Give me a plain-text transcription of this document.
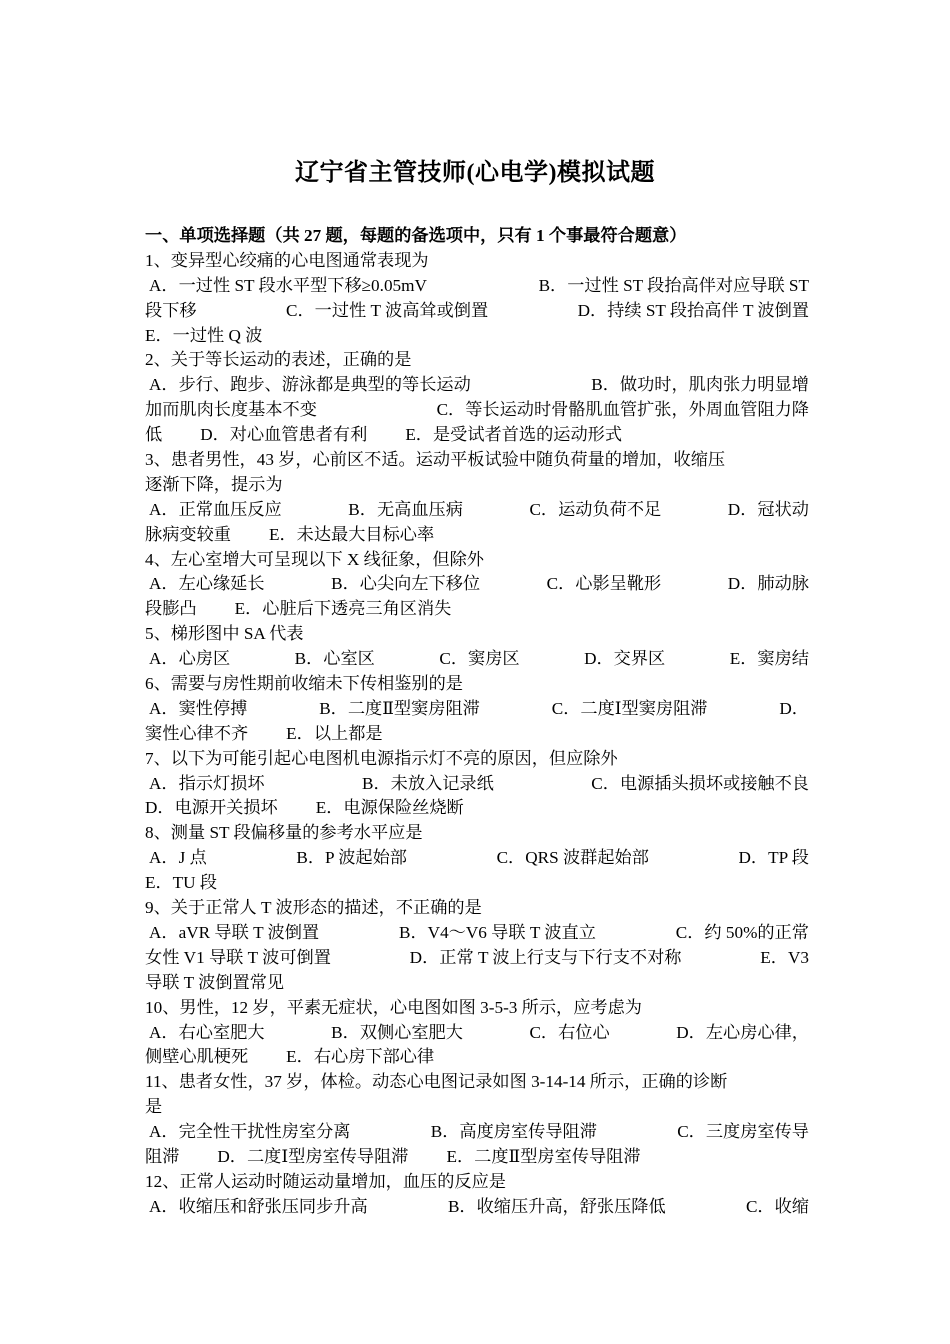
辽宁省主管技师(心电学)模拟试题
一、单项选择题（共 27 题，每题的备选项中，只有 1 个事最符合题意）
1、变异型心绞痛的心电图通常表现为
A．一过性 ST 段水平型下移≥0.05mV	B．一过性 ST 段抬高伴对应导联 ST
段下移	C．一过性 T 波高耸或倒置	D．持续 ST 段抬高伴 T 波倒置
E．一过性 Q 波
2、关于等长运动的表述，正确的是
A．步行、跑步、游泳都是典型的等长运动	B．做功时，肌肉张力明显增
加而肌肉长度基本不变	C．等长运动时骨骼肌血管扩张，外周血管阻力降
低 D．对心血管患者有利 E．是受试者首选的运动形式
3、患者男性，43 岁，心前区不适。运动平板试验中随负荷量的增加，收缩压
逐渐下降，提示为
A．正常血压反应	B．无高血压病	C．运动负荷不足	D．冠状动
脉病变较重 E．未达最大目标心率
4、左心室增大可呈现以下 X 线征象，但除外
A．左心缘延长	B．心尖向左下移位	C．心影呈靴形	D．肺动脉
段膨凸 E．心脏后下透亮三角区消失
5、梯形图中 SA 代表
A．心房区	B．心室区	C．窦房区	D．交界区	E．窦房结
6、需要与房性期前收缩未下传相鉴别的是
A．窦性停搏	B．二度Ⅱ型窦房阻滞	C．二度Ⅰ型窦房阻滞	D．
窦性心律不齐 E．以上都是
7、以下为可能引起心电图机电源指示灯不亮的原因，但应除外
A．指示灯损坏	B．未放入记录纸	C．电源插头损坏或接触不良
D．电源开关损坏 E．电源保险丝烧断
8、测量 ST 段偏移量的参考水平应是
A．J 点	B．P 波起始部	C．QRS 波群起始部	D．TP 段
E．TU 段
9、关于正常人 T 波形态的描述，不正确的是
A．aVR 导联 T 波倒置	B．V4～V6 导联 T 波直立	C．约 50%的正常
女性 V1 导联 T 波可倒置	D．正常 T 波上行支与下行支不对称	E．V3
导联 T 波倒置常见
10、男性，12 岁，平素无症状，心电图如图 3-5-3 所示，应考虑为
A．右心室肥大	B．双侧心室肥大	C．右位心	D．左心房心律，
侧壁心肌梗死 E．右心房下部心律
11、患者女性，37 岁，体检。动态心电图记录如图 3-14-14 所示，正确的诊断
是
A．完全性干扰性房室分离	B．高度房室传导阻滞	C．三度房室传导
阻滞 D．二度Ⅰ型房室传导阻滞 E．二度Ⅱ型房室传导阻滞
12、正常人运动时随运动量增加，血压的反应是
A．收缩压和舒张压同步升高	B．收缩压升高，舒张压降低	C．收缩
